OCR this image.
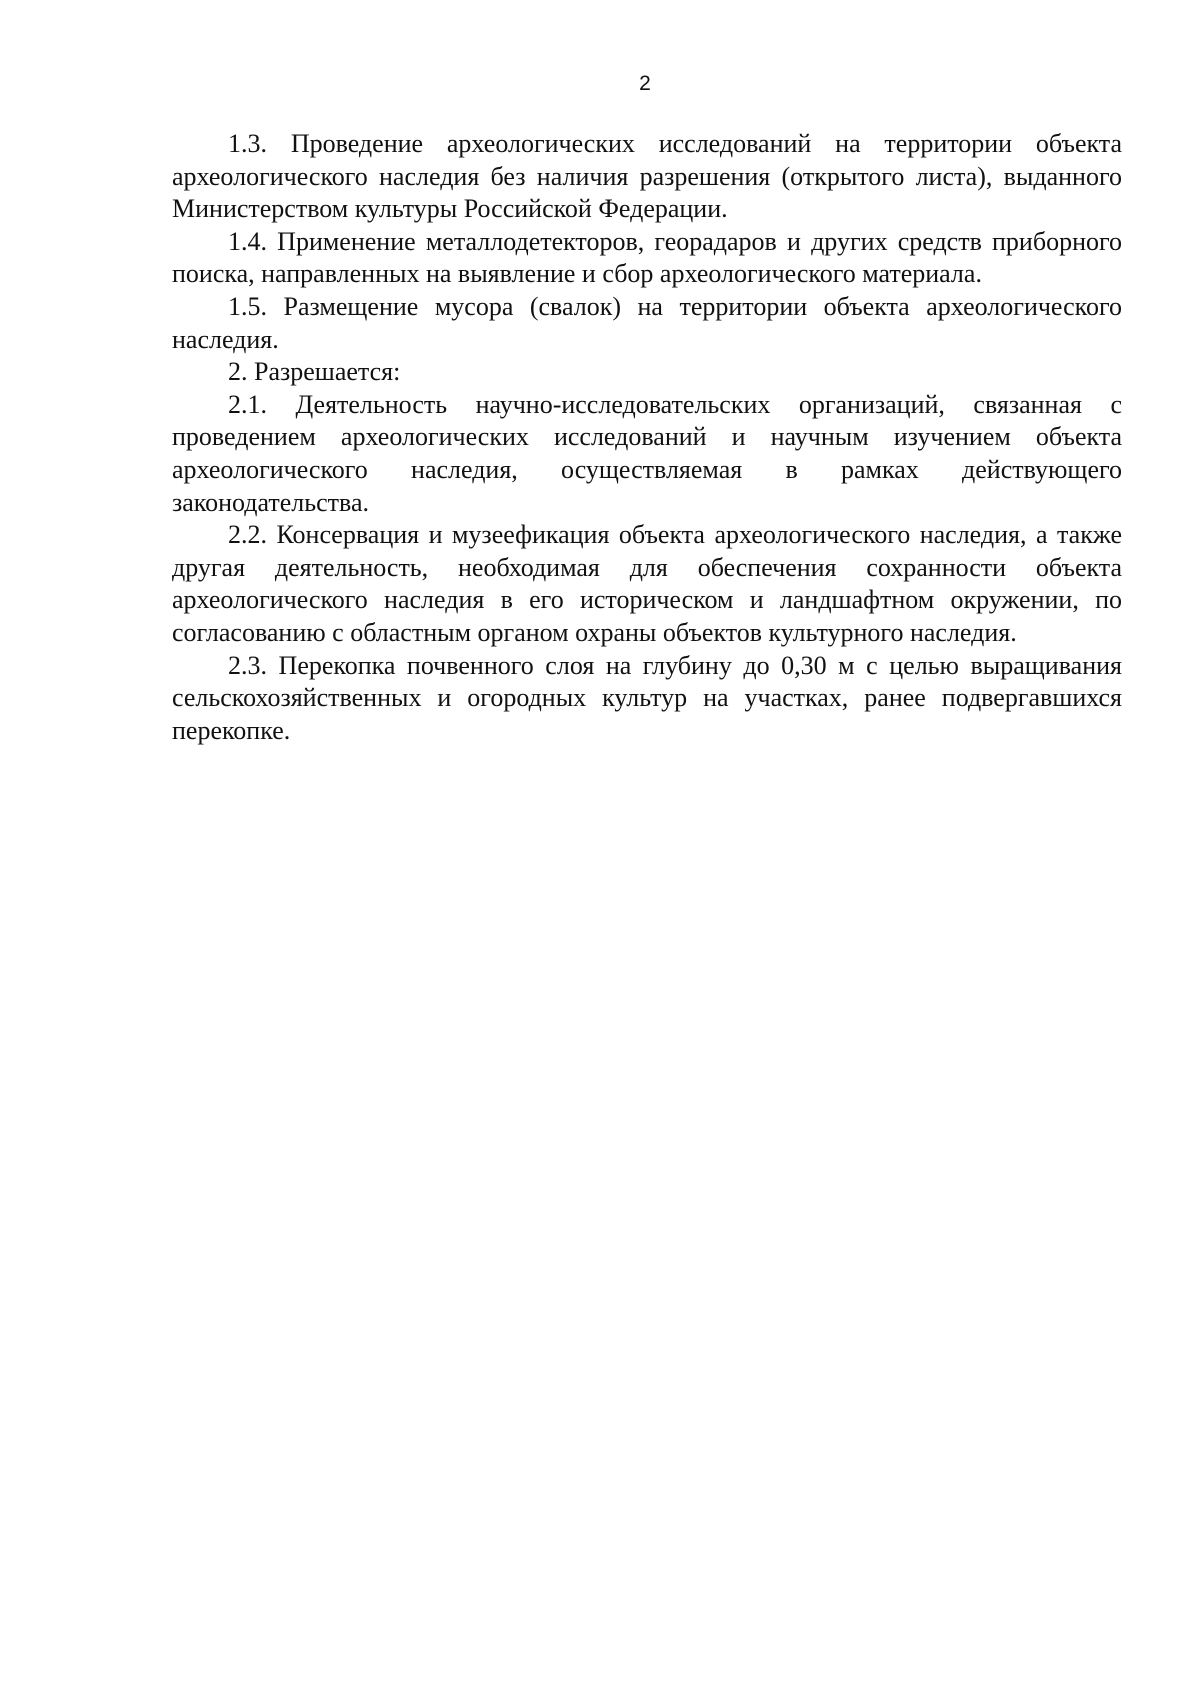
2

1.3. Проведение археологических исследований на территории объекта археологического наследия без наличия разрешения (открытого листа), выданного Министерством культуры Российской Федерации.

1.4. Применение металлодетекторов, георадаров и других средств приборного поиска, направленных на выявление и сбор археологического материала.

1.5. Размещение мусора (свалок) на территории объекта археологического наследия.

2. Разрешается:

2.1. Деятельность научно-исследовательских организаций, связанная с проведением археологических исследований и научным изучением объекта археологического наследия, осуществляемая в рамках действующего законодательства.

2.2. Консервация и музеефикация объекта археологического наследия, а также другая деятельность, необходимая для обеспечения сохранности объекта археологического наследия в его историческом и ландшафтном окружении, по согласованию с областным органом охраны объектов культурного наследия.

2.3. Перекопка почвенного слоя на глубину до 0,30 м с целью выращивания сельскохозяйственных и огородных культур на участках, ранее подвергавшихся перекопке.
